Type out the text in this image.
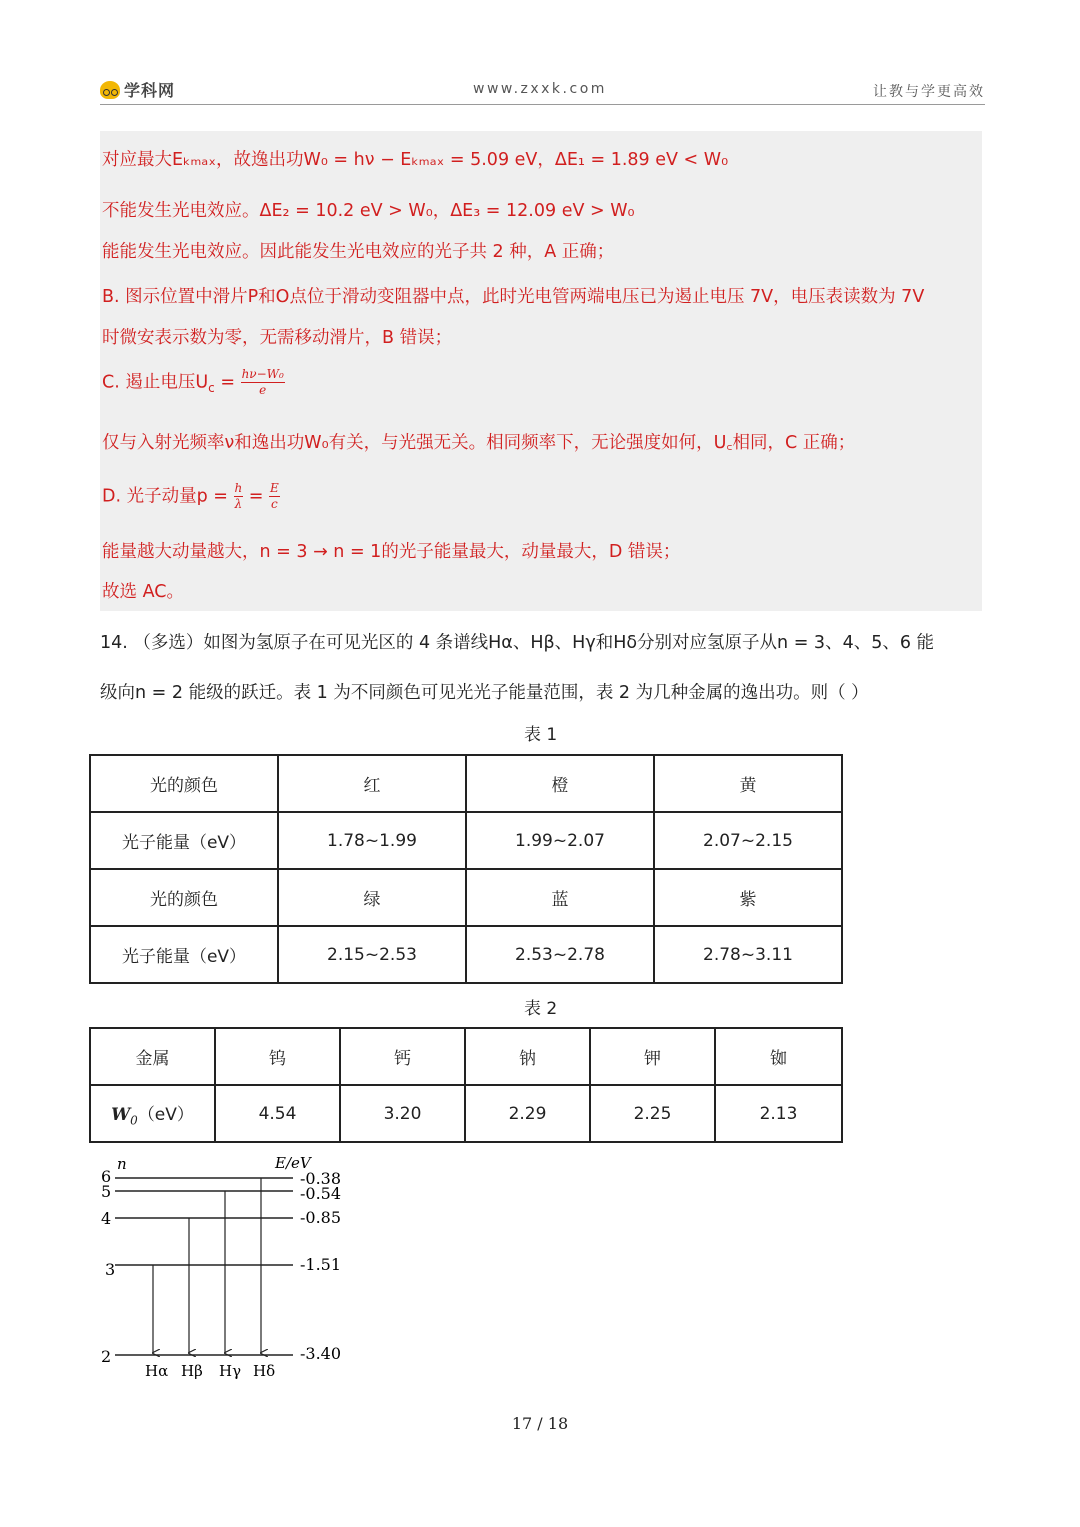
学科网	www.zxxk.com	让教与学更高效
对应最大Eₖₘₐₓ，故逸出功W₀ = hν − Eₖₘₐₓ = 5.09 eV，ΔE₁ = 1.89 eV < W₀
不能发生光电效应。ΔE₂ = 10.2 eV > W₀，ΔE₃ = 12.09 eV > W₀
能能发生光电效应。因此能发生光电效应的光子共 2 种，A 正确；
B. 图示位置中滑片P和O点位于滑动变阻器中点，此时光电管两端电压已为遏止电压 7V，电压表读数为 7V
时微安表示数为零，无需移动滑片，B 错误；
C. 遏止电压$U_c = \frac{\text{hν−W₀}}{e}$
仅与入射光频率ν和逸出功W₀有关，与光强无关。相同频率下，无论强度如何，U꜀相同，C 正确；
D. 光子动量$p = \frac{h}{\lambda} = \frac{E}{c}$
能量越大动量越大，n = 3 → n = 1的光子能量最大，动量最大，D 错误；
故选 AC。
14. （多选）如图为氢原子在可见光区的 4 条谱线Hα、Hβ、Hγ和Hδ分别对应氢原子从n = 3、4、5、6 能
级向n = 2 能级的跃迁。表 1 为不同颜色可见光光子能量范围，表 2 为几种金属的逸出功。则（ ）
表 1
光的颜色	红	橙	黄
光子能量（eV）	1.78~1.99	1.99~2.07	2.07~2.15
光的颜色	绿	蓝	紫
光子能量（eV）	2.15~2.53	2.53~2.78	2.78~3.11
表 2
金属	钨	钙	钠	钾	铷
$W_0(eV)$	4.54	3.20	2.29	2.25	2.13
n	E/eV
6
5
4
3
2
-0.38
-0.54
-0.85
-1.51
-3.40
Hα Hβ Hγ Hδ
17 / 18
